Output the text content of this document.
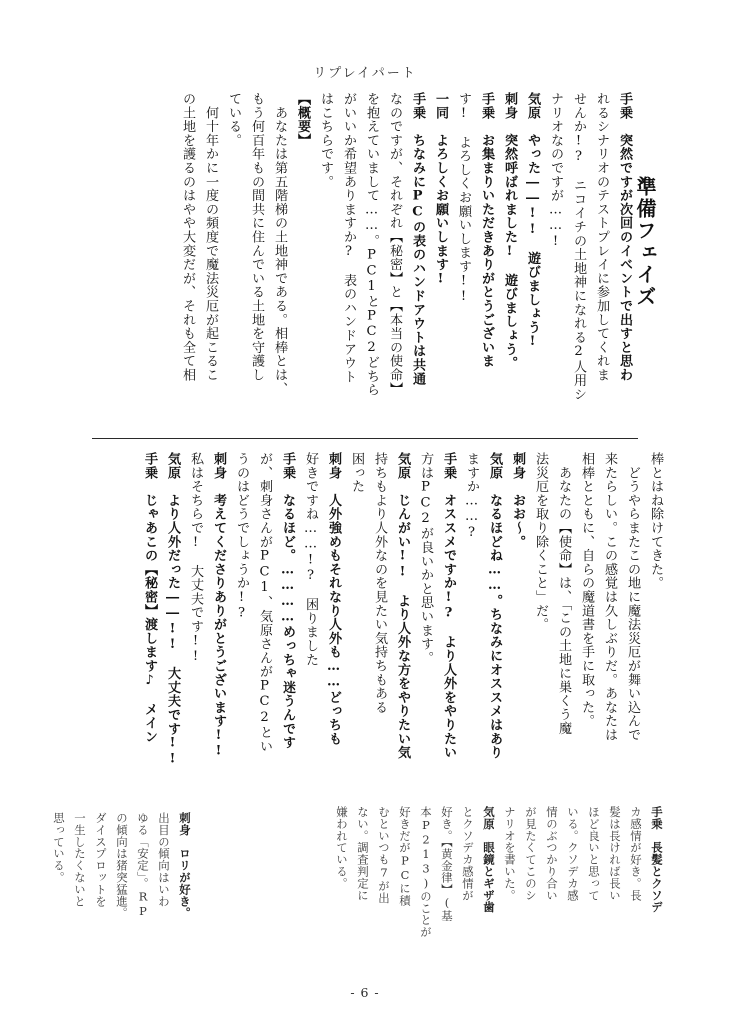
リプレイパート
準備フェイズ
手乗　突然ですが次回のイベントで出すと思わ
れるシナリオのテストプレイに参加してくれま
せんか!?　ニコイチの土地神になれる2人用シ
ナリオなのですが……!
気原　やった――!!　遊びましょう!
刺身　突然呼ばれました!　遊びましょう。
手乗　お集まりいただきありがとうございま
す!　よろしくお願いします!!
一同　よろしくお願いします!
手乗　ちなみにPCの表のハンドアウトは共通
なのですが、それぞれ【秘密】と【本当の使命】
を抱えていまして……。PC1とPC2どちら
がいいか希望ありますか?　表のハンドアウト
はこちらです。
【概要】
　あなたは第五階梯の土地神である。相棒とは、
もう何百年もの間共に住んでいる土地を守護し
ている。
　何十年かに一度の頻度で魔法災厄が起こるこ
の土地を護るのはやや大変だが、それも全て相
棒とはね除けてきた。
　どうやらまたこの地に魔法災厄が舞い込んで
来たらしい。この感覚は久しぶりだ。あなたは
相棒とともに、自らの魔道書を手に取った。
　あなたの【使命】は、「この土地に巣くう魔
法災厄を取り除くこと」だ。
刺身　おお～。
気原　なるほどね……。ちなみにオススメはあり
ますか……?
手乗　オススメですか!?　より人外をやりたい
方はPC2が良いかと思います。
気原　じんがい!!　より人外な方をやりたい気
持ちもより人外なのを見たい気持ちもある
困った
刺身　人外強めもそれなり人外も……どっちも
好きですね……!?　困りました
手乗　なるほど。…………めっちゃ迷うんです
が、刺身さんがPC1、気原さんがPC2とい
うのはどうでしょうか!?
刺身　考えてくださりありがとうございます!!
私はそちらで!　大丈夫です!!
気原　より人外だった――!!　大丈夫です!!
手乗　じゃあこの【秘密】渡します♪　メイン
手乗　長髪とクソデ
カ感情が好き。長
髪は長ければ長い
ほど良いと思って
いる。クソデカ感
情のぶつかり合い
が見たくてこのシ
ナリオを書いた。
気原　眼鏡とギザ歯
とクソデカ感情が
好き。【黄金律】(基
本P213)のことが
好きだがPCに積
むといつも7が出
ない。調査判定に
嫌われている。
刺身　ロリが好き。
出目の傾向はいわ
ゆる「安定」。RP
の傾向は猪突猛進。
ダイスプロットを
一生したくないと
思っている。
- 6 -
